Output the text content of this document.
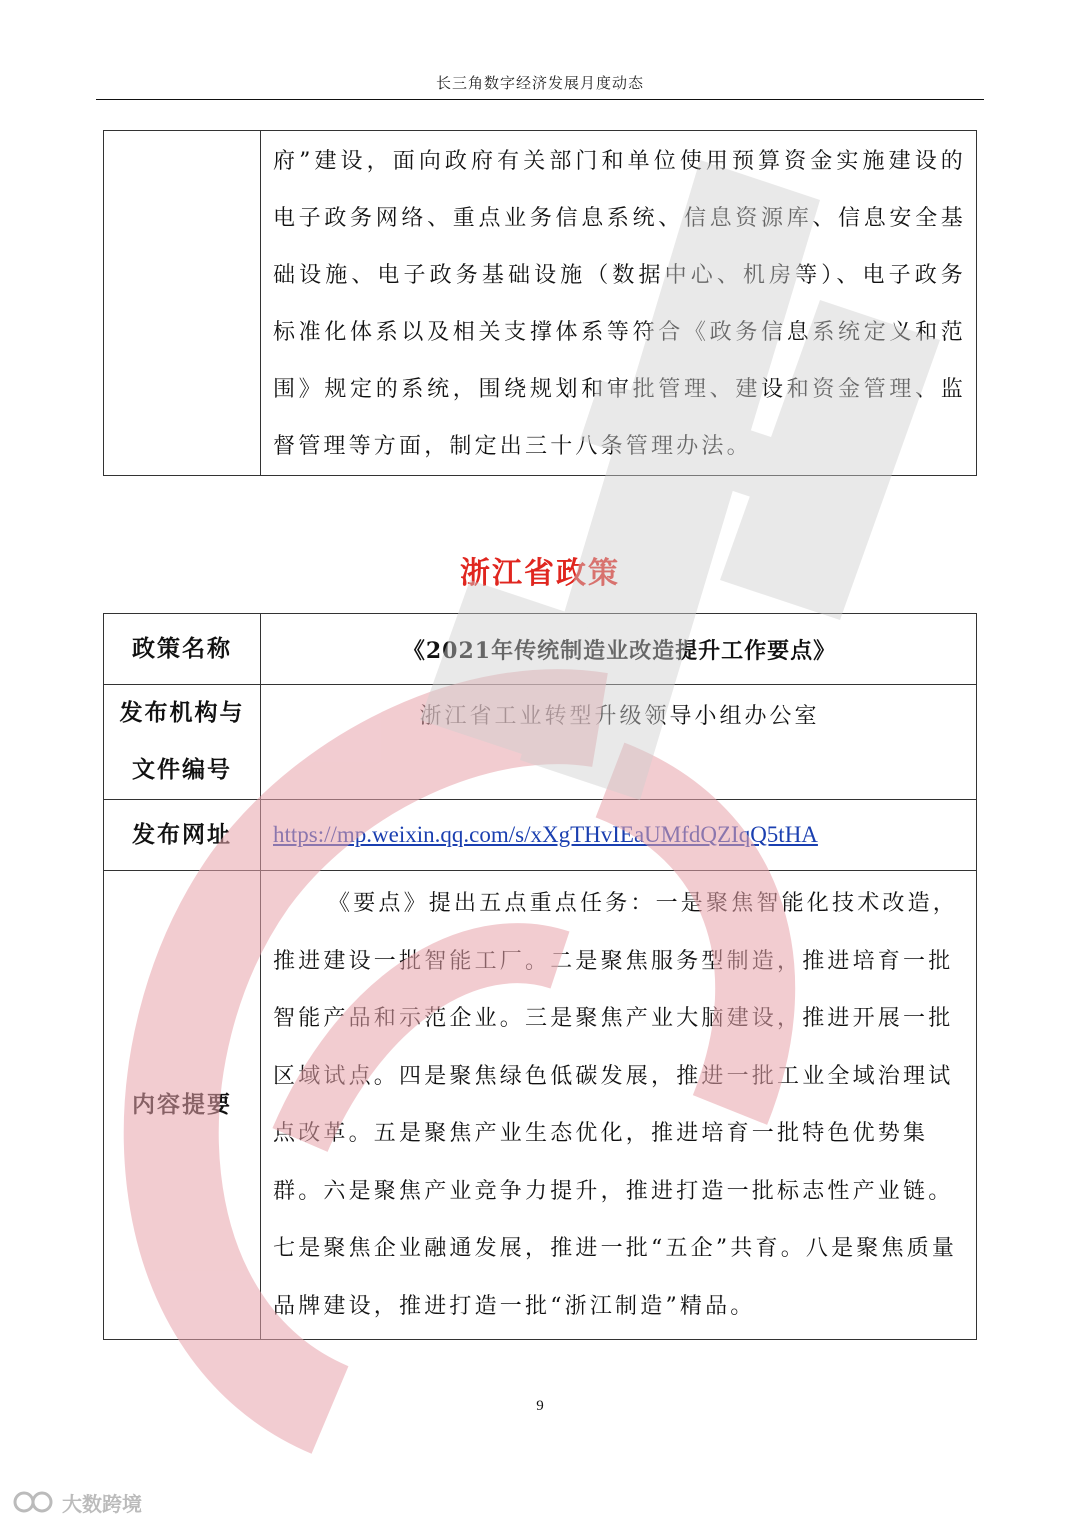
长三角数字经济发展月度动态

府”建设，面向政府有关部门和单位使用预算资金实施建设的电子政务网络、重点业务信息系统、信息资源库、信息安全基础设施、电子政务基础设施（数据中心、机房等）、电子政务标准化体系以及相关支撑体系等符合《政务信息系统定义和范围》规定的系统，围绕规划和审批管理、建设和资金管理、监督管理等方面，制定出三十八条管理办法。
浙江省政策
政策名称	《2021年传统制造业改造提升工作要点》

发布机构与
文件编号	浙江省工业转型升级领导小组办公室
发布网址	https://mp.weixin.qq.com/s/xXgTHvIEaUMfdQZIqQ5tHA
内容提要	《要点》提出五点重点任务：一是聚焦智能化技术改造，推进建设一批智能工厂。二是聚焦服务型制造，推进培育一批智能产品和示范企业。三是聚焦产业大脑建设，推进开展一批区域试点。四是聚焦绿色低碳发展，推进一批工业全域治理试点改革。五是聚焦产业生态优化，推进培育一批特色优势集群。六是聚焦产业竞争力提升，推进打造一批标志性产业链。七是聚焦企业融通发展，推进一批“五企”共育。八是聚焦质量品牌建设，推进打造一批“浙江制造”精品。
9
大数跨境
